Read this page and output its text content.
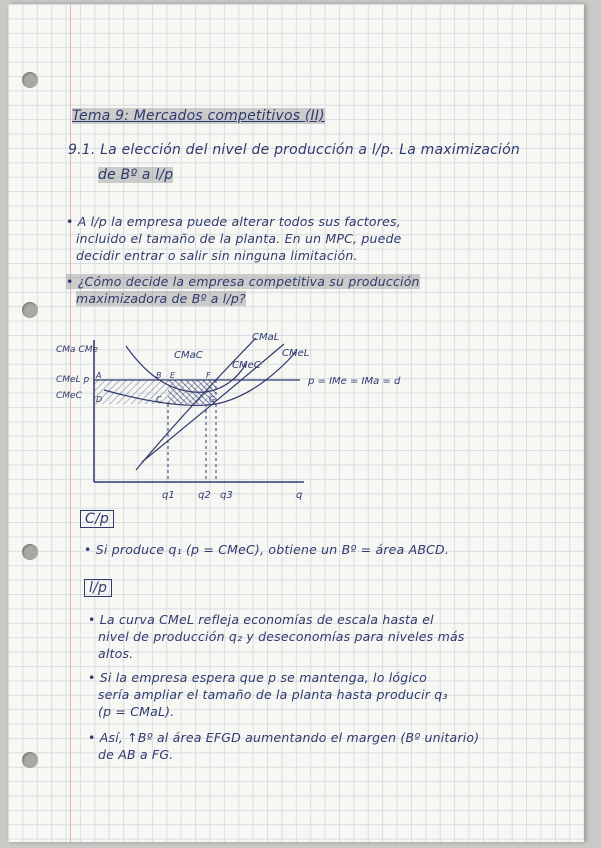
Tema 9: Mercados competitivos (II)
9.1. La elección del nivel de producción a l/p. La maximización
de Bº a l/p
• A l/p la empresa puede alterar todos sus factores,
incluido el tamaño de la planta. En un MPC, puede
decidir entrar o salir sin ninguna limitación.
• ¿Cómo decide la empresa competitiva su producción
maximizadora de Bº a l/p?
CMa CMe
CMeL p
CMeC
q1 q2 q3	q
CMaC
CMaL
CMeC
CMeL
p = IMe = IMa = d
A
D
E	F
G
B
C
C/p
• Si produce q₁ (p = CMeC), obtiene un Bº = área ABCD.
l/p
• La curva CMeL refleja economías de escala hasta el
nivel de producción q₂ y deseconomías para niveles más
altos.
• Si la empresa espera que p se mantenga, lo lógico
sería ampliar el tamaño de la planta hasta producir q₃
(p = CMaL).
• Así, ↑Bº al área EFGD aumentando el margen (Bº unitario)
de AB a FG.
